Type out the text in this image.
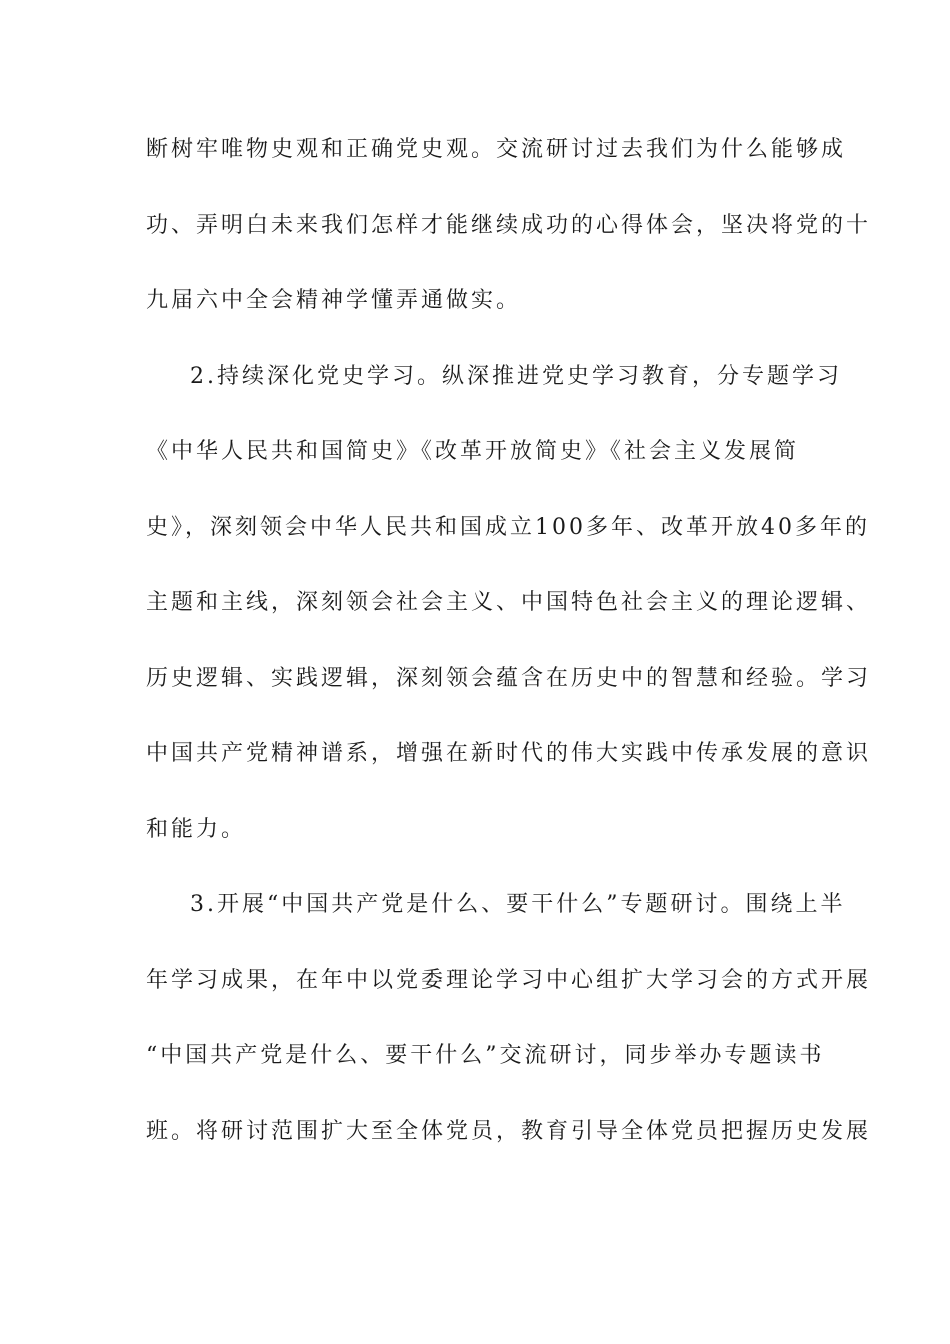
断树牢唯物史观和正确党史观。交流研讨过去我们为什么能够成
功、弄明白未来我们怎样才能继续成功的心得体会，坚决将党的十
九届六中全会精神学懂弄通做实。
2.持续深化党史学习。纵深推进党史学习教育，分专题学习
《中华人民共和国简史》《改革开放简史》《社会主义发展简
史》，深刻领会中华人民共和国成立100多年、改革开放40多年的
主题和主线，深刻领会社会主义、中国特色社会主义的理论逻辑、
历史逻辑、实践逻辑，深刻领会蕴含在历史中的智慧和经验。学习
中国共产党精神谱系，增强在新时代的伟大实践中传承发展的意识
和能力。
3.开展“中国共产党是什么、要干什么”专题研讨。围绕上半
年学习成果，在年中以党委理论学习中心组扩大学习会的方式开展
“中国共产党是什么、要干什么”交流研讨，同步举办专题读书
班。将研讨范围扩大至全体党员，教育引导全体党员把握历史发展
